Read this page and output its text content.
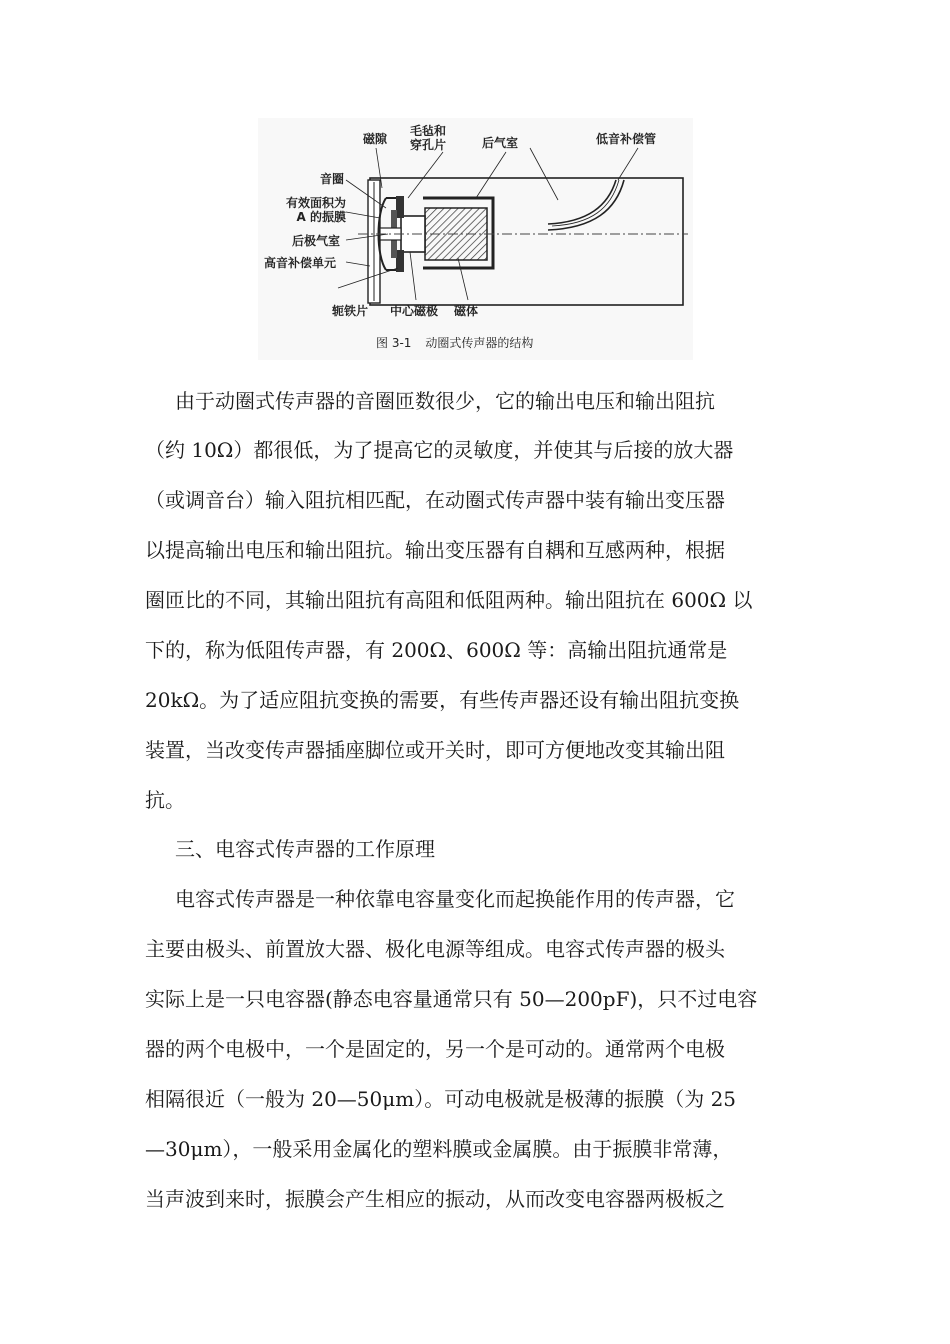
磁隙
毛毡和
穿孔片	后气室	低音补偿管
音圈
有效面积为
A 的振膜
后极气室
高音补偿单元
轭铁片 中心磁极 磁体
图 3-1 动圈式传声器的结构
由于动圈式传声器的音圈匝数很少，它的输出电压和输出阻抗
（约 10Ω）都很低，为了提高它的灵敏度，并使其与后接的放大器
（或调音台）输入阻抗相匹配，在动圈式传声器中装有输出变压器
以提高输出电压和输出阻抗。输出变压器有自耦和互感两种，根据
圈匝比的不同，其输出阻抗有高阻和低阻两种。输出阻抗在 600Ω 以
下的，称为低阻传声器，有 200Ω、600Ω 等：高输出阻抗通常是
20kΩ。为了适应阻抗变换的需要，有些传声器还设有输出阻抗变换
装置，当改变传声器插座脚位或开关时，即可方便地改变其输出阻
抗。
三、电容式传声器的工作原理
电容式传声器是一种依靠电容量变化而起换能作用的传声器，它
主要由极头、前置放大器、极化电源等组成。电容式传声器的极头
实际上是一只电容器(静态电容量通常只有 50—200pF)，只不过电容
器的两个电极中，一个是固定的，另一个是可动的。通常两个电极
相隔很近（一般为 20—50μm）。可动电极就是极薄的振膜（为 25
—30μm），一般采用金属化的塑料膜或金属膜。由于振膜非常薄，
当声波到来时，振膜会产生相应的振动，从而改变电容器两极板之
